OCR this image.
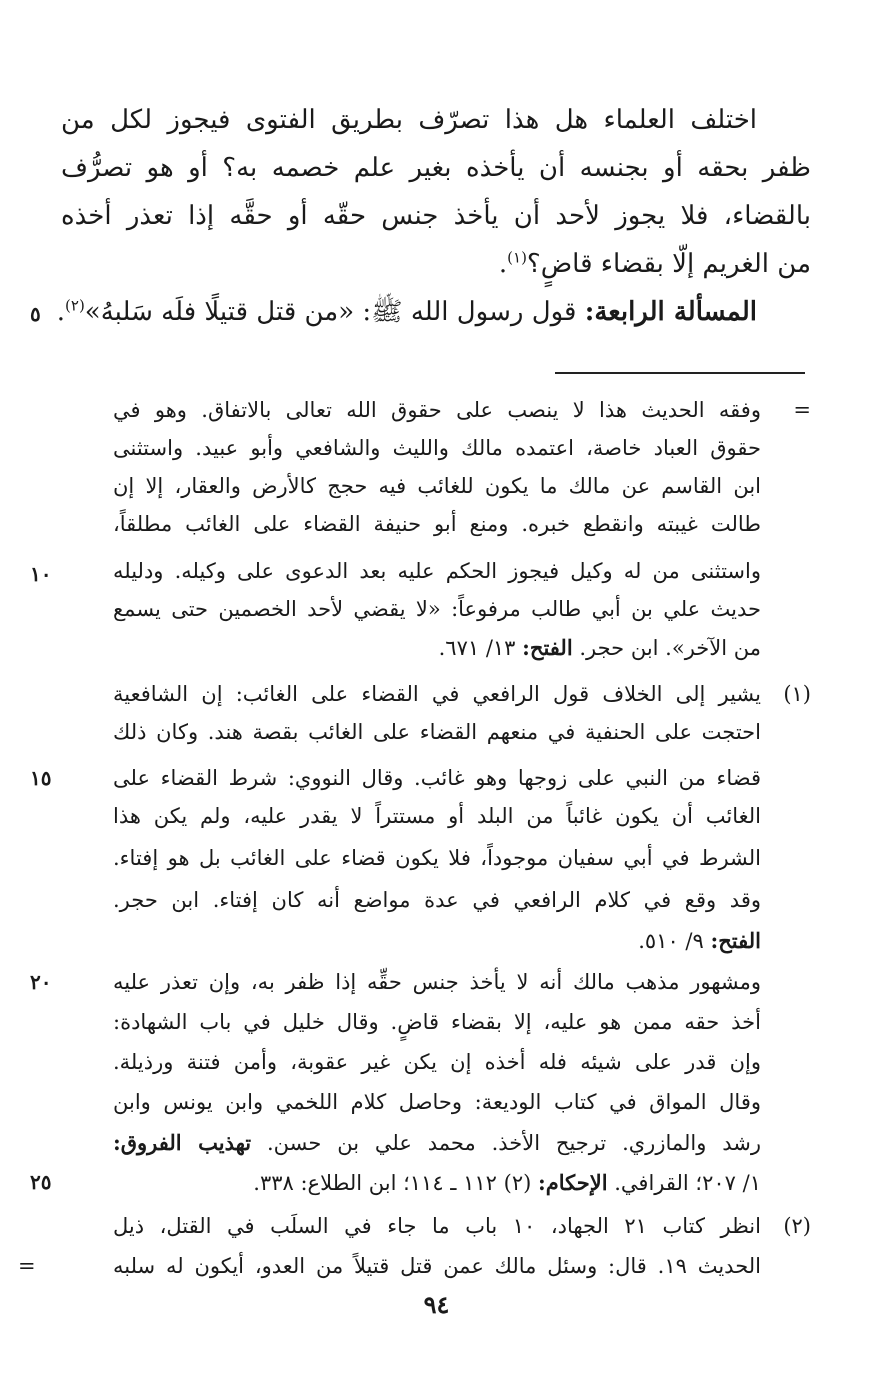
اختلف العلماء هل هذا تصرّف بطريق الفتوى فيجوز لكل من
ظفر بحقه أو بجنسه أن يأخذه بغير علم خصمه به؟ أو هو تصرُّف
بالقضاء، فلا يجوز لأحد أن يأخذ جنس حقّه أو حقَّه إذا تعذر أخذه
من الغريم إلّا بقضاء قاضٍ؟$^{(١)}$.
المسألة الرابعة: قول رسول الله ﷺ: «من قتل قتيلًا فلَه سَلبهُ»$^{(٢)}$.
=
وفقه الحديث هذا لا ينصب على حقوق الله تعالى بالاتفاق. وهو في
حقوق العباد خاصة، اعتمده مالك والليث والشافعي وأبو عبيد. واستثنى
ابن القاسم عن مالك ما يكون للغائب فيه حجج كالأرض والعقار، إلا إن
طالت غيبته وانقطع خبره. ومنع أبو حنيفة القضاء على الغائب مطلقاً،
واستثنى من له وكيل فيجوز الحكم عليه بعد الدعوى على وكيله. ودليله
حديث علي بن أبي طالب مرفوعاً: «لا يقضي لأحد الخصمين حتى يسمع
من الآخر». ابن حجر. الفتح: ١٣/ ٦٧١.
(١)
يشير إلى الخلاف قول الرافعي في القضاء على الغائب: إن الشافعية
احتجت على الحنفية في منعهم القضاء على الغائب بقصة هند. وكان ذلك
قضاء من النبي على زوجها وهو غائب. وقال النووي: شرط القضاء على
الغائب أن يكون غائباً من البلد أو مستتراً لا يقدر عليه، ولم يكن هذا
الشرط في أبي سفيان موجوداً، فلا يكون قضاء على الغائب بل هو إفتاء.
وقد وقع في كلام الرافعي في عدة مواضع أنه كان إفتاء. ابن حجر.
الفتح: ٩/ ٥١٠.
ومشهور مذهب مالك أنه لا يأخذ جنس حقِّه إذا ظفر به، وإن تعذر عليه
أخذ حقه ممن هو عليه، إلا بقضاء قاضٍ. وقال خليل في باب الشهادة:
وإن قدر على شيئه فله أخذه إن يكن غير عقوبة، وأمن فتنة ورذيلة.
وقال المواق في كتاب الوديعة: وحاصل كلام اللخمي وابن يونس وابن
رشد والمازري. ترجيح الأخذ. محمد علي بن حسن. تهذيب الفروق:
١/ ٢٠٧؛ القرافي. الإحكام: (٢) ١١٢ ـ ١١٤؛ ابن الطلاع: ٣٣٨.
(٢)
انظر كتاب ٢١ الجهاد، ١٠ باب ما جاء في السلَب في القتل، ذيل
الحديث ١٩. قال: وسئل مالك عمن قتل قتيلاً من العدو، أيكون له سلبه
=
٥
١٠
١٥
٢٠
٢٥
٩٤
